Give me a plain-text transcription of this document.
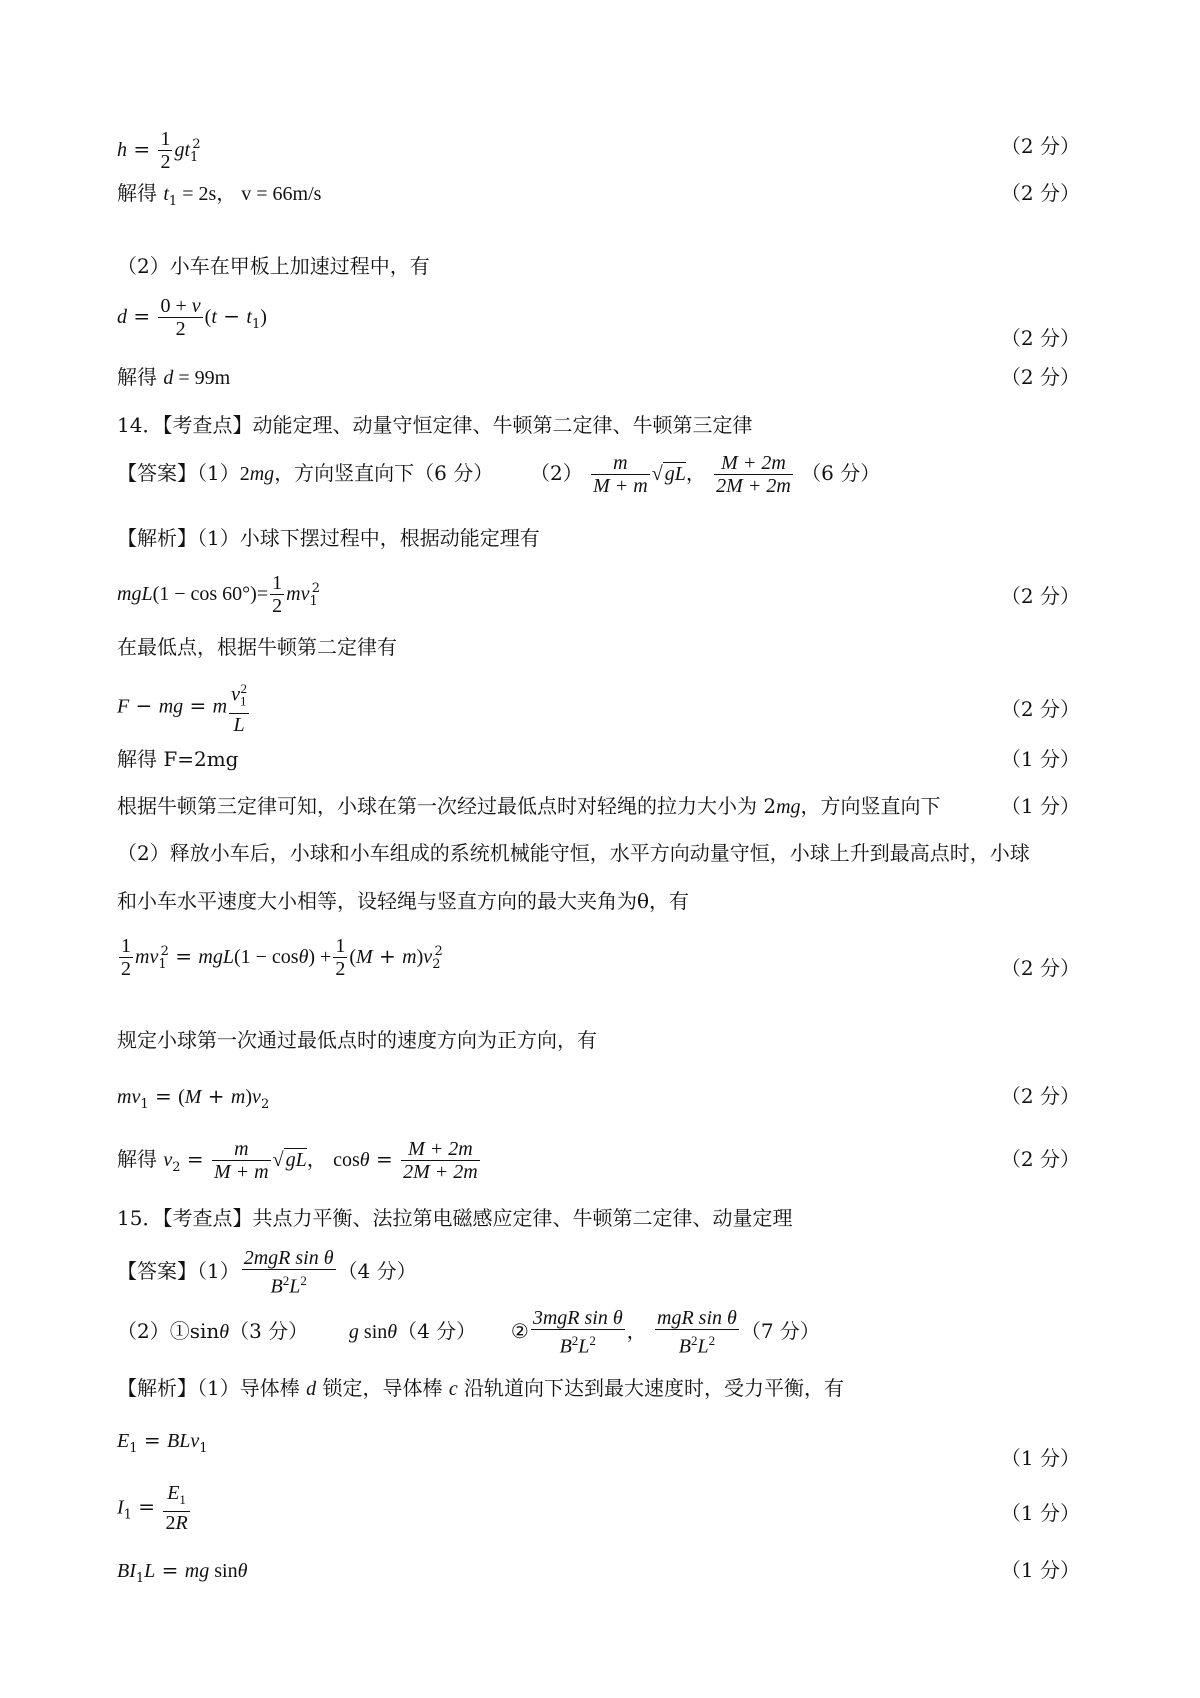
$h = \frac{1}{2} gt_1^2$	（2 分）
解得 $t_1 = 2s$， v = 66m/s	（2 分）
（2）小车在甲板上加速过程中，有
$d = \frac{0 + v}{2} (t - t_1)$
（2 分）
解得 d = 99m	（2 分）
14．【考查点】动能定理、动量守恒定律、牛顿第二定律、牛顿第三定律
【答案】（1）2mg，方向竖直向下（6 分） $(2) \frac{m}{M + m}$ √ gL， $\frac{M + 2m}{2M + 2m} (6$ 分）
【解析】（1）小球下摆过程中，根据动能定理有
$mgL(1 - \cos 60^\circ)= \frac{1}{2} mv_1^2$	（2 分）
在最低点，根据牛顿第二定律有
F − mg = m $\frac{v_1^2}{L}$	（2 分）
解得 F=2mg	（1 分）
根据牛顿第三定律可知，小球在第一次经过最低点时对轻绳的拉力大小为 2mg，方向竖直向下	（1 分）
（2）释放小车后，小球和小车组成的系统机械能守恒，水平方向动量守恒，小球上升到最高点时，小球
和小车水平速度大小相等，设轻绳与竖直方向的最大夹角为θ，有
$\frac{1}{2} mv_1^2 = mgL(1 - \cos\theta) + \frac{1}{2} (M + m)v_2^2$
（2 分）
规定小球第一次通过最低点时的速度方向为正方向，有
$mv_1 = (M + m)v_2$	（2 分）
解得 $v_2 = \frac{m}{M + m}$ √ gL， $\cos\theta = \frac{M + 2m}{2M + 2m}$	（2 分）
15．【考查点】共点力平衡、法拉第电磁感应定律、牛顿第二定律、动量定理
【答案】$(1) \frac{\text{2mgR sin θ}}{B^2L^2} (4$ 分）
（2）①sinθ（3 分） g sinθ（4 分） ② $\frac{\text{3mgR sin θ}}{B^2L^2}$ ， $\frac{\text{mgR sin θ}}{B^2L^2} (7$ 分）
【解析】（1）导体棒 d 锁定，导体棒 c 沿轨道向下达到最大速度时，受力平衡，有
$E_1 = BLv_1$	（1 分）
$I_1 = \frac{E_1}{2R}$	（1 分）
$BI_1L$ = mg sinθ	（1 分）
